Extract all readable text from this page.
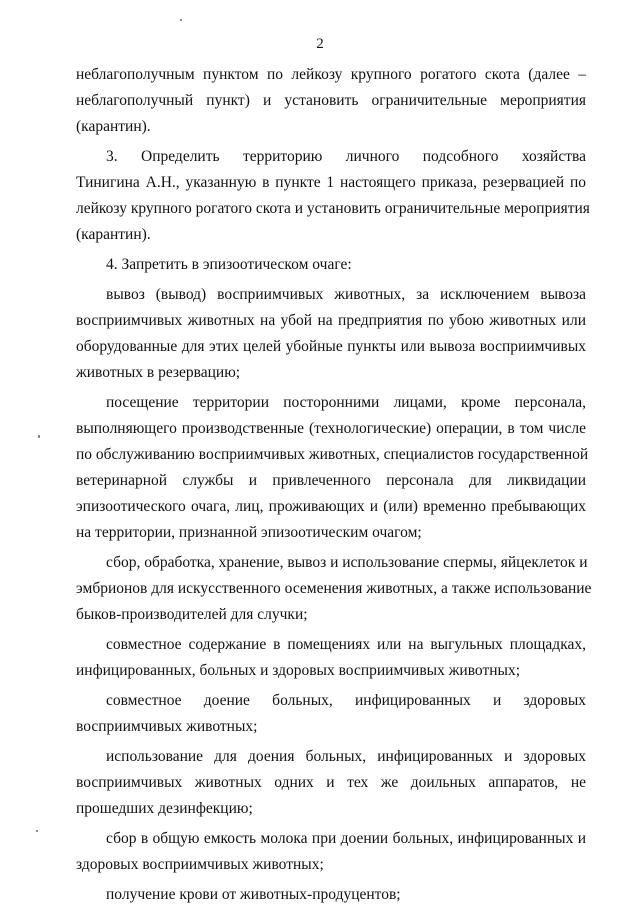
2
неблагополучным пунктом по лейкозу крупного рогатого скота (далее –
неблагополучный пункт) и установить ограничительные мероприятия
(карантин).
3. Определить территорию личного подсобного хозяйства
Тинигина А.Н., указанную в пункте 1 настоящего приказа, резервацией по
лейкозу крупного рогатого скота и установить ограничительные мероприятия
(карантин).
4. Запретить в эпизоотическом очаге:
вывоз (вывод) восприимчивых животных, за исключением вывоза
восприимчивых животных на убой на предприятия по убою животных или
оборудованные для этих целей убойные пункты или вывоза восприимчивых
животных в резервацию;
посещение территории посторонними лицами, кроме персонала,
выполняющего производственные (технологические) операции, в том числе
по обслуживанию восприимчивых животных, специалистов государственной
ветеринарной службы и привлеченного персонала для ликвидации
эпизоотического очага, лиц, проживающих и (или) временно пребывающих
на территории, признанной эпизоотическим очагом;
сбор, обработка, хранение, вывоз и использование спермы, яйцеклеток и
эмбрионов для искусственного осеменения животных, а также использование
быков-производителей для случки;
совместное содержание в помещениях или на выгульных площадках,
инфицированных, больных и здоровых восприимчивых животных;
совместное доение больных, инфицированных и здоровых
восприимчивых животных;
использование для доения больных, инфицированных и здоровых
восприимчивых животных одних и тех же доильных аппаратов, не
прошедших дезинфекцию;
сбор в общую емкость молока при доении больных, инфицированных и
здоровых восприимчивых животных;
получение крови от животных-продуцентов;
